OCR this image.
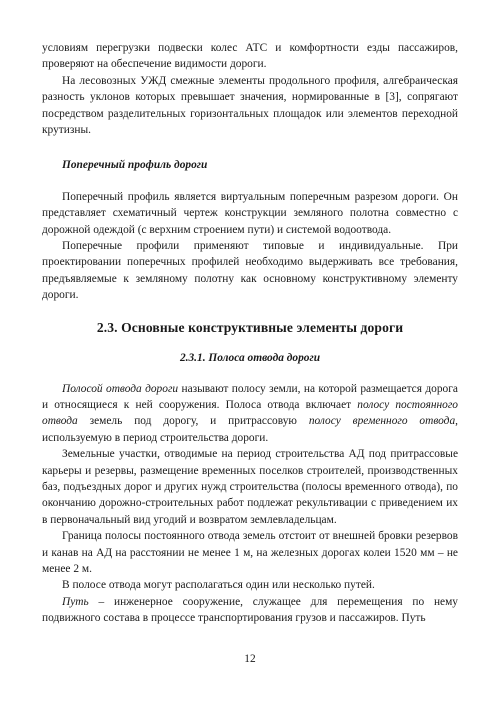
условиям перегрузки подвески колес АТС и комфортности езды пассажиров, проверяют на обеспечение видимости дороги.

На лесовозных УЖД смежные элементы продольного профиля, алгебраическая разность уклонов которых превышает значения, нормированные в [3], сопрягают посредством разделительных горизонтальных площадок или элементов переходной крутизны.

Поперечный профиль дороги

Поперечный профиль является виртуальным поперечным разрезом дороги. Он представляет схематичный чертеж конструкции земляного полотна совместно с дорожной одеждой (с верхним строением пути) и системой водоотвода.

Поперечные профили применяют типовые и индивидуальные. При проектировании поперечных профилей необходимо выдерживать все требования, предъявляемые к земляному полотну как основному конструктивному элементу дороги.

2.3. Основные конструктивные элементы дороги
2.3.1. Полоса отвода дороги

Полосой отвода дороги называют полосу земли, на которой размещается дорога и относящиеся к ней сооружения. Полоса отвода включает полосу постоянного отвода земель под дорогу, и притрассовую полосу временного отвода, используемую в период строительства дороги.

Земельные участки, отводимые на период строительства АД под притрассовые карьеры и резервы, размещение временных поселков строителей, производственных баз, подъездных дорог и других нужд строительства (полосы временного отвода), по окончанию дорожно-строительных работ подлежат рекультивации с приведением их в первоначальный вид угодий и возвратом землевладельцам.

Граница полосы постоянного отвода земель отстоит от внешней бровки резервов и канав на АД на расстоянии не менее 1 м, на железных дорогах колеи 1520 мм – не менее 2 м.

В полосе отвода могут располагаться один или несколько путей.

Путь – инженерное сооружение, служащее для перемещения по нему подвижного состава в процессе транспортирования грузов и пассажиров. Путь

12
